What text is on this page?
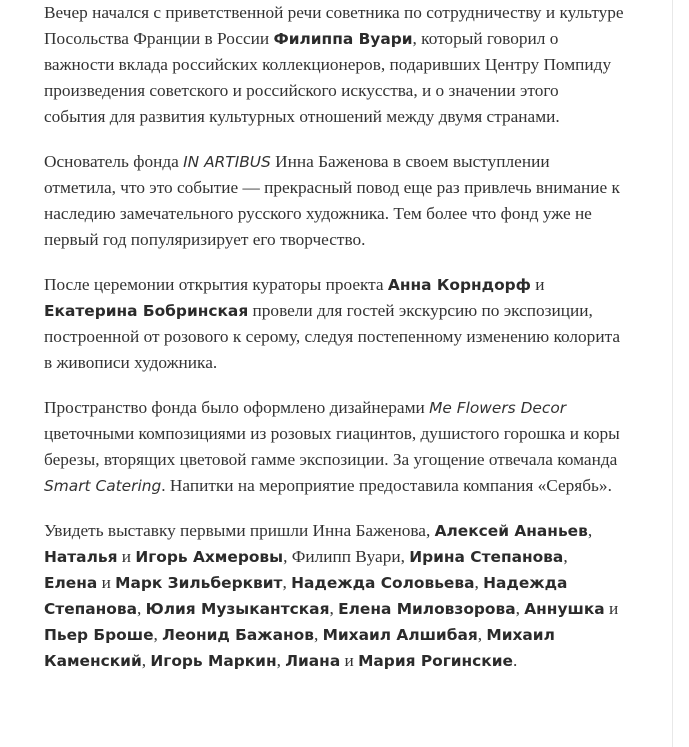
Вечер начался с приветственной речи советника по сотрудничеству и культуре Посольства Франции в России Филиппа Вуари, который говорил о важности вклада российских коллекционеров, подаривших Центру Помпиду произведения советского и российского искусства, и о значении этого события для развития культурных отношений между двумя странами.

Основатель фонда IN ARTIBUS Инна Баженова в своем выступлении отметила, что это событие — прекрасный повод еще раз привлечь внимание к наследию замечательного русского художника. Тем более что фонд уже не первый год популяризирует его творчество.

После церемонии открытия кураторы проекта Анна Корндорф и Екатерина Бобринская провели для гостей экскурсию по экспозиции, построенной от розового к серому, следуя постепенному изменению колорита в живописи художника.

Пространство фонда было оформлено дизайнерами Me Flowers Decor цветочными композициями из розовых гиацинтов, душистого горошка и коры березы, вторящих цветовой гамме экспозиции. За угощение отвечала команда Smart Catering. Напитки на мероприятие предоставила компания «Серябь».

Увидеть выставку первыми пришли Инна Баженова, Алексей Ананьев, Наталья и Игорь Ахмеровы, Филипп Вуари, Ирина Степанова, Елена и Марк Зильберквит, Надежда Соловьева, Надежда Степанова, Юлия Музыкантская, Елена Миловзорова, Аннушка и Пьер Броше, Леонид Бажанов, Михаил Алшибая, Михаил Каменский, Игорь Маркин, Лиана и Мария Рогинские.
